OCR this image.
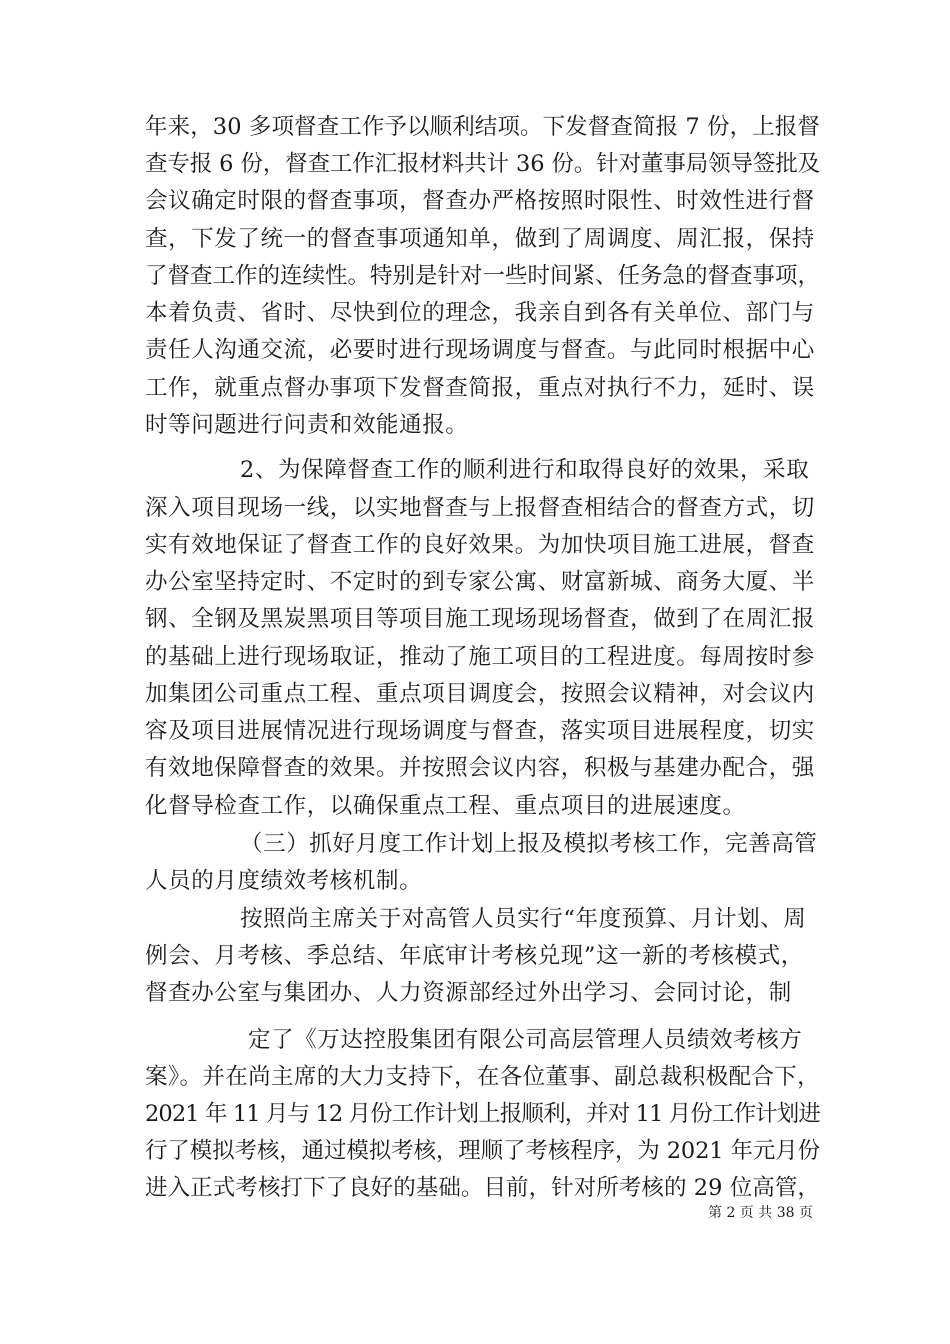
年来，30 多项督查工作予以顺利结项。下发督查简报 7 份，上报督
查专报 6 份，督查工作汇报材料共计 36 份。针对董事局领导签批及
会议确定时限的督查事项，督查办严格按照时限性、时效性进行督
查，下发了统一的督查事项通知单，做到了周调度、周汇报，保持
了督查工作的连续性。特别是针对一些时间紧、任务急的督查事项，
本着负责、省时、尽快到位的理念，我亲自到各有关单位、部门与
责任人沟通交流，必要时进行现场调度与督查。与此同时根据中心
工作，就重点督办事项下发督查简报，重点对执行不力，延时、误
时等问题进行问责和效能通报。
2、为保障督查工作的顺利进行和取得良好的效果，采取
深入项目现场一线，以实地督查与上报督查相结合的督查方式，切
实有效地保证了督查工作的良好效果。为加快项目施工进展，督查
办公室坚持定时、不定时的到专家公寓、财富新城、商务大厦、半
钢、全钢及黑炭黑项目等项目施工现场现场督查，做到了在周汇报
的基础上进行现场取证，推动了施工项目的工程进度。每周按时参
加集团公司重点工程、重点项目调度会，按照会议精神，对会议内
容及项目进展情况进行现场调度与督查，落实项目进展程度，切实
有效地保障督查的效果。并按照会议内容，积极与基建办配合，强
化督导检查工作，以确保重点工程、重点项目的进展速度。
（三）抓好月度工作计划上报及模拟考核工作，完善高管
人员的月度绩效考核机制。
按照尚主席关于对高管人员实行“年度预算、月计划、周
例会、月考核、季总结、年底审计考核兑现”这一新的考核模式，
督查办公室与集团办、人力资源部经过外出学习、会同讨论，制
定了《万达控股集团有限公司高层管理人员绩效考核方
案》。并在尚主席的大力支持下，在各位董事、副总裁积极配合下，
2021 年 11 月与 12 月份工作计划上报顺利，并对 11 月份工作计划进
行了模拟考核，通过模拟考核，理顺了考核程序，为 2021 年元月份
进入正式考核打下了良好的基础。目前，针对所考核的 29 位高管，
第 2 页 共 38 页
